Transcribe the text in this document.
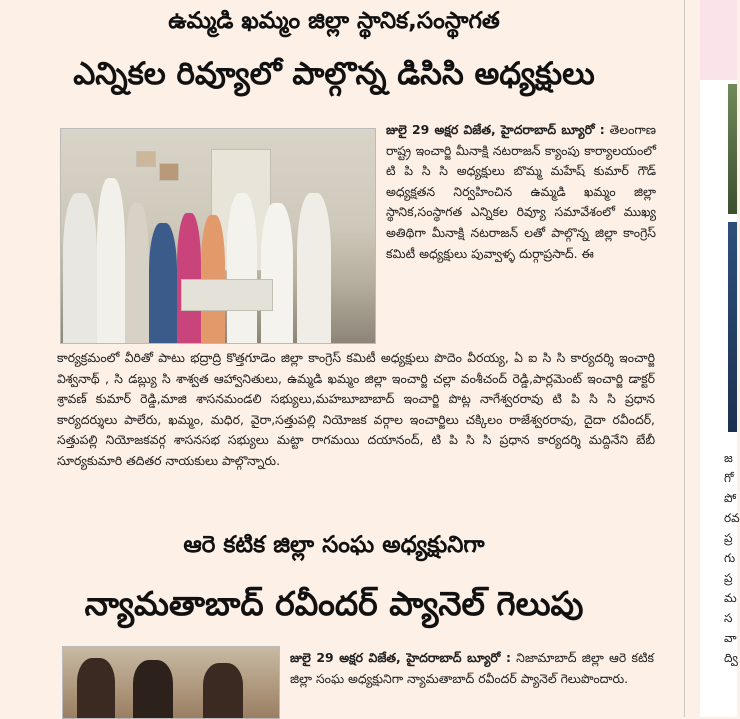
ఉమ్మడి ఖమ్మం జిల్లా స్థానిక,సంస్థాగత
ఎన్నికల రివ్యూలో పాల్గొన్న డిసిసి అధ్యక్షులు
జులై 29 అక్షర విజేత, హైదరాబాద్ బ్యూరో : తెలంగాణ రాష్ట్ర ఇంచార్జి మీనాక్షి నటరాజన్ క్యాంపు కార్యాలయంలో టి పి సి సి అధ్యక్షులు బొమ్మ మహేష్ కుమార్ గౌడ్ అధ్యక్షతన నిర్వహించిన ఉమ్మడి ఖమ్మం జిల్లా స్థానిక,సంస్థాగత ఎన్నికల రివ్యూ సమావేశంలో ముఖ్య అతిథిగా మీనాక్షి నటరాజన్ లతో పాల్గొన్న జిల్లా కాంగ్రెస్ కమిటీ అధ్యక్షులు పువ్వాళ్ళ దుర్గాప్రసాద్. ఈ
కార్యక్రమంలో వీరితో పాటు భద్రాద్రి కొత్తగూడెం జిల్లా కాంగ్రెస్ కమిటీ అధ్యక్షులు పొదెం వీరయ్య, ఏ ఐ సి సి కార్యదర్శి ఇంచార్జి విశ్వనాథ్ , సి డబ్ల్యు సి శాశ్వత ఆహ్వానితులు, ఉమ్మడి ఖమ్మం జిల్లా ఇంచార్జి చల్లా వంశీచంద్ రెడ్డి,పార్లమెంట్ ఇంచార్జి డాక్టర్ శ్రావణ్ కుమార్ రెడ్డి,మాజి శాసనమండలి సభ్యులు,మహబూబాబాద్ ఇంచార్జి పొట్ల నాగేశ్వరరావు టి పి సి సి ప్రధాన కార్యదర్శులు పాలేరు, ఖమ్మం, మధిర, వైరా,సత్తుపల్లి నియోజక వర్గాల ఇంచార్జిలు చక్కిలం రాజేశ్వరరావు, దైదా రవీందర్, సత్తుపల్లి నియోజకవర్గ శాసనసభ సభ్యులు మట్టా రాగమయి దయానంద్, టి పి సి సి ప్రధాన కార్యదర్శి మద్దినేని బేబీ సూర్యకుమారి తదితర నాయకులు పాల్గొన్నారు.
ఆరె కటిక జిల్లా సంఘ అధ్యక్షునిగా
న్యామతాబాద్ రవీందర్ ప్యానెల్ గెలుపు
జులై 29 అక్షర విజేత, హైదరాబాద్ బ్యూరో : నిజామాబాద్ జిల్లా ఆరె కటిక జిల్లా సంఘ అధ్యక్షునిగా న్యామతాబాద్ రవీందర్ ప్యానెల్ గెలుపొందారు.
జ గో పో రవ ప్ర గు ప్ర మ స వా ద్వి
